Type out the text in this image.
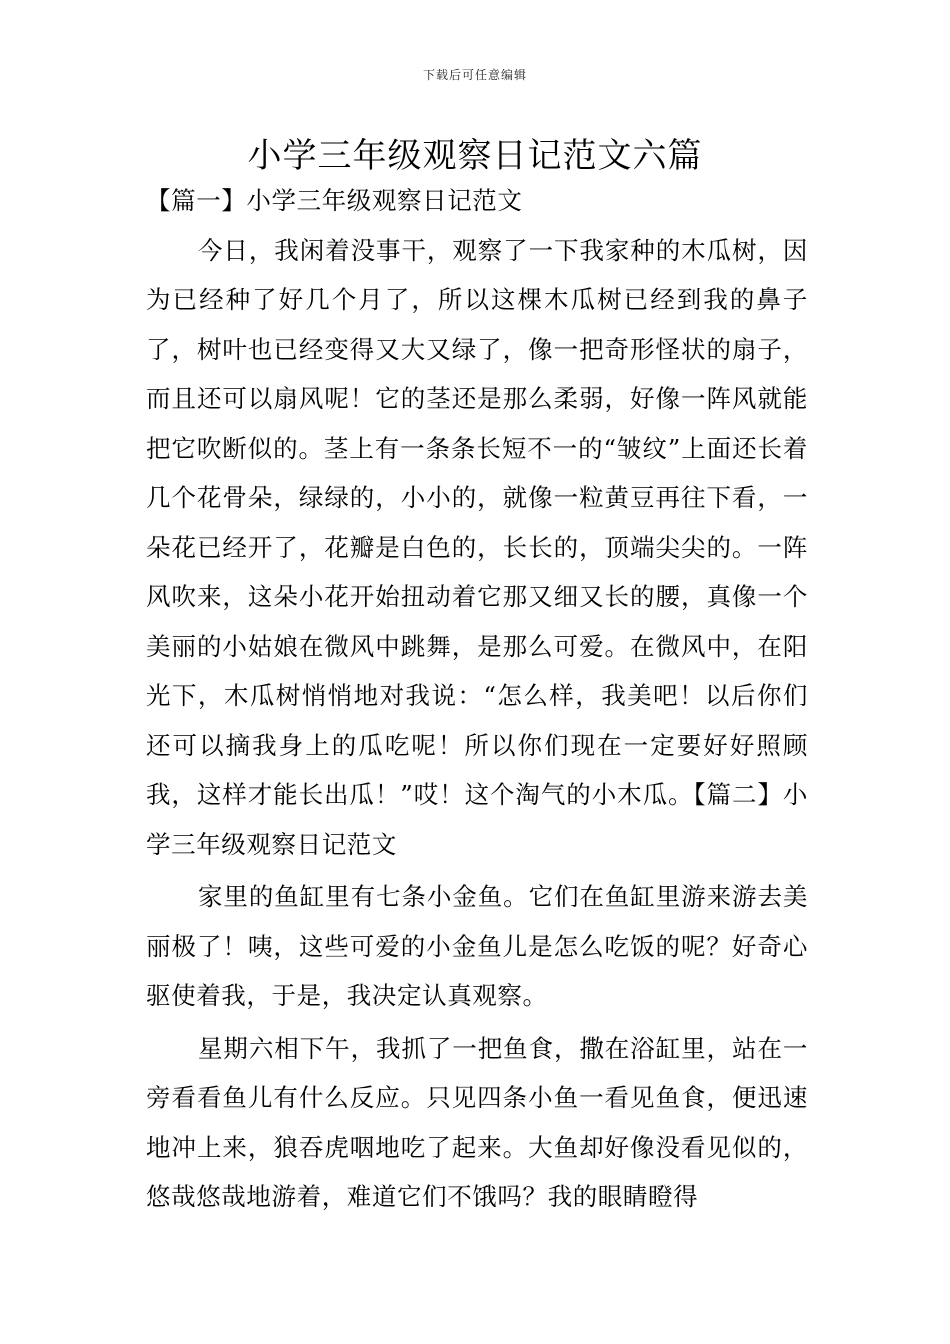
下载后可任意编辑
小学三年级观察日记范文六篇

【篇一】小学三年级观察日记范文

今日，我闲着没事干，观察了一下我家种的木瓜树，因为已经种了好几个月了，所以这棵木瓜树已经到我的鼻子了，树叶也已经变得又大又绿了，像一把奇形怪状的扇子，而且还可以扇风呢！它的茎还是那么柔弱，好像一阵风就能把它吹断似的。茎上有一条条长短不一的“皱纹”上面还长着几个花骨朵，绿绿的，小小的，就像一粒黄豆再往下看，一朵花已经开了，花瓣是白色的，长长的，顶端尖尖的。一阵风吹来，这朵小花开始扭动着它那又细又长的腰，真像一个美丽的小姑娘在微风中跳舞，是那么可爱。在微风中，在阳光下，木瓜树悄悄地对我说：“怎么样，我美吧！以后你们还可以摘我身上的瓜吃呢！所以你们现在一定要好好照顾我，这样才能长出瓜！”哎！这个淘气的小木瓜。【篇二】小学三年级观察日记范文

家里的鱼缸里有七条小金鱼。它们在鱼缸里游来游去美丽极了！咦，这些可爱的小金鱼儿是怎么吃饭的呢？好奇心驱使着我，于是，我决定认真观察。

星期六相下午，我抓了一把鱼食，撒在浴缸里，站在一旁看看鱼儿有什么反应。只见四条小鱼一看见鱼食，便迅速地冲上来，狼吞虎咽地吃了起来。大鱼却好像没看见似的，悠哉悠哉地游着，难道它们不饿吗？我的眼睛瞪得
